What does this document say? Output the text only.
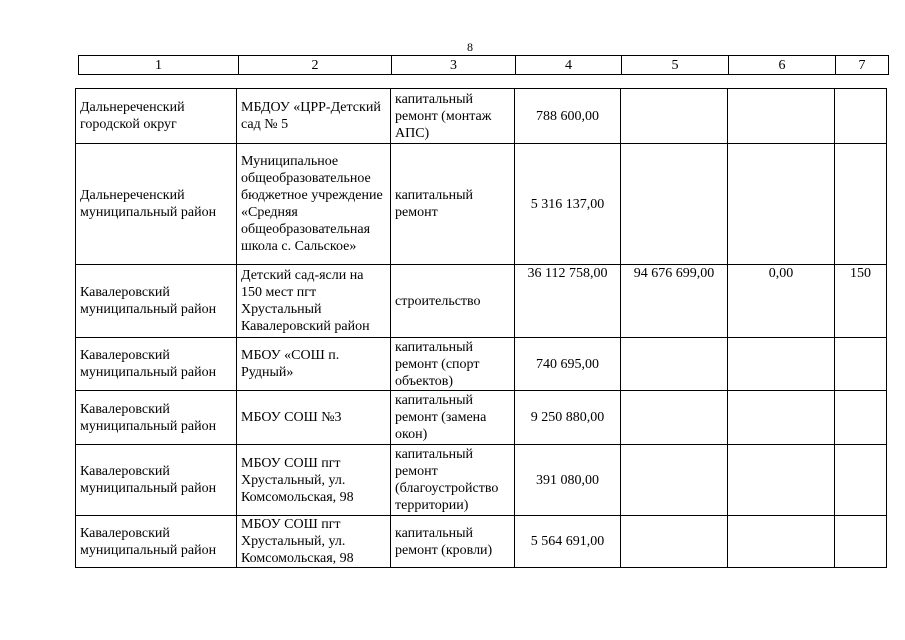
8
1	2	3	4	5	6	7
Дальнереченский городской округ	МБДОУ «ЦРР-Детский сад № 5	капитальный ремонт (монтаж АПС)	788 600,00			
Дальнереченский муниципальный район	Муниципальное общеобразовательное бюджетное учреждение «Средняя общеобразовательная школа с. Сальское»	капитальный ремонт	5 316 137,00			
Кавалеровский муниципальный район	Детский сад-ясли на 150 мест пгт Хрустальный Кавалеровский район	строительство	36 112 758,00	94 676 699,00	0,00	150
Кавалеровский муниципальный район	МБОУ «СОШ п. Рудный»	капитальный ремонт (спорт объектов)	740 695,00			
Кавалеровский муниципальный район	МБОУ СОШ №3	капитальный ремонт (замена окон)	9 250 880,00			
Кавалеровский муниципальный район	МБОУ СОШ пгт Хрустальный, ул. Комсомольская, 98	капитальный ремонт (благоустройство территории)	391 080,00			
Кавалеровский муниципальный район	МБОУ СОШ пгт Хрустальный, ул. Комсомольская, 98	капитальный ремонт (кровли)	5 564 691,00			
